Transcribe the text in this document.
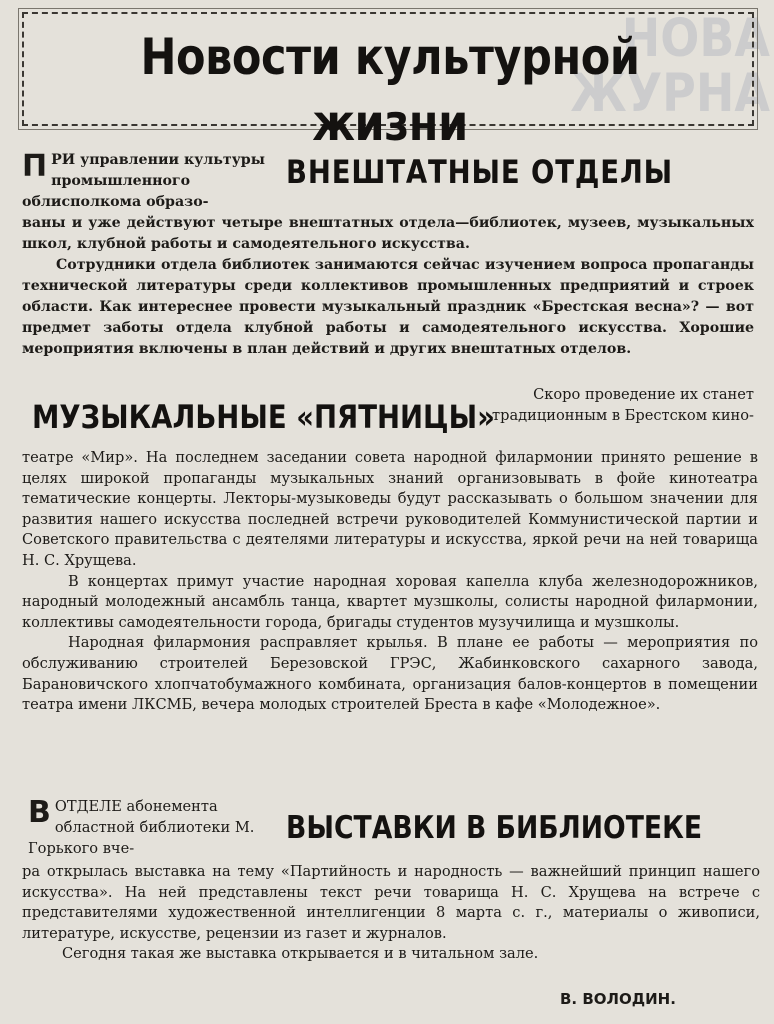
НОВА
ЖУРНА
Новости культурной жизни

ПРИ управлении культуры промышленного облисполкома образо-

ВНЕШТАТНЫЕ ОТДЕЛЫ
ваны и уже действуют четыре внештатных отдела—библиотек, музеев, музыкальных школ, клубной работы и самодеятельного искусства.
Сотрудники отдела библиотек занимаются сейчас изучением вопроса пропаганды технической литературы среди коллективов промышленных предприятий и строек области. Как интереснее провести музыкальный праздник «Брестская весна»? — вот предмет заботы отдела клубной работы и самодеятельного искусства. Хорошие мероприятия включены в план действий и других внештатных отделов.
МУЗЫКАЛЬНЫЕ «ПЯТНИЦЫ»

Скоро проведение их станет традиционным в Брестском кино-

театре «Мир». На последнем заседании совета народной филармонии принято решение в целях широкой пропаганды музыкальных знаний организовывать в фойе кинотеатра тематические концерты. Лекторы-музыковеды будут рассказывать о большом значении для развития нашего искусства последней встречи руководителей Коммунистической партии и Советского правительства с деятелями литературы и искусства, яркой речи на ней товарища Н. С. Хрущева.
В концертах примут участие народная хоровая капелла клуба железнодорожников, народный молодежный ансамбль танца, квартет музшколы, солисты народной филармонии, коллективы самодеятельности города, бригады студентов музучилища и музшколы.
Народная филармония расправляет крылья. В плане ее работы — мероприятия по обслуживанию строителей Березовской ГРЭС, Жабинковского сахарного завода, Барановичского хлопчатобумажного комбината, организация балов-концертов в помещении театра имени ЛКСМБ, вечера молодых строителей Бреста в кафе «Молодежное».

ВОТДЕЛЕ абонемента областной библиотеки М. Горького вче-

ВЫСТАВКИ В БИБЛИОТЕКЕ
ра открылась выставка на тему «Партийность и народность — важнейший принцип нашего искусства». На ней представлены текст речи товарища Н. С. Хрущева на встрече с представителями художественной интеллигенции 8 марта с. г., материалы о живописи, литературе, искусстве, рецензии из газет и журналов.
Сегодня такая же выставка открывается и в читальном зале.
В. ВОЛОДИН.
